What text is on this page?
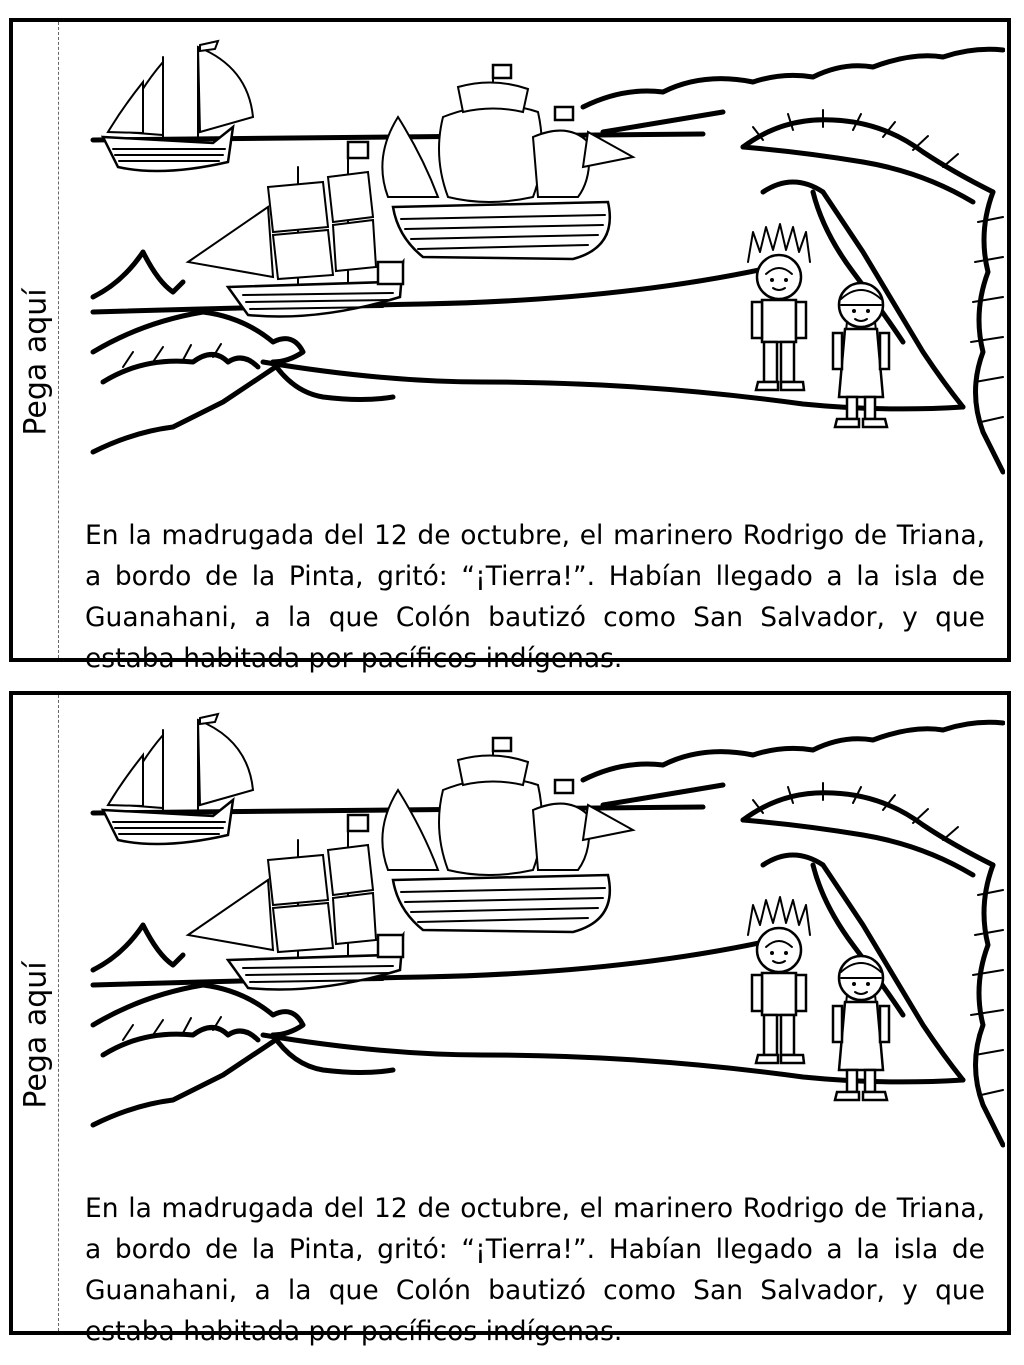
Pega aquí

En la madrugada del 12 de octubre, el marinero Rodrigo de Triana, a bordo de la Pinta, gritó: “¡Tierra!”. Habían llegado a la isla de Guanahani, a la que Colón bautizó como San Salvador, y que estaba habitada por pacíficos indígenas.

Pega aquí

En la madrugada del 12 de octubre, el marinero Rodrigo de Triana, a bordo de la Pinta, gritó: “¡Tierra!”. Habían llegado a la isla de Guanahani, a la que Colón bautizó como San Salvador, y que estaba habitada por pacíficos indígenas.
